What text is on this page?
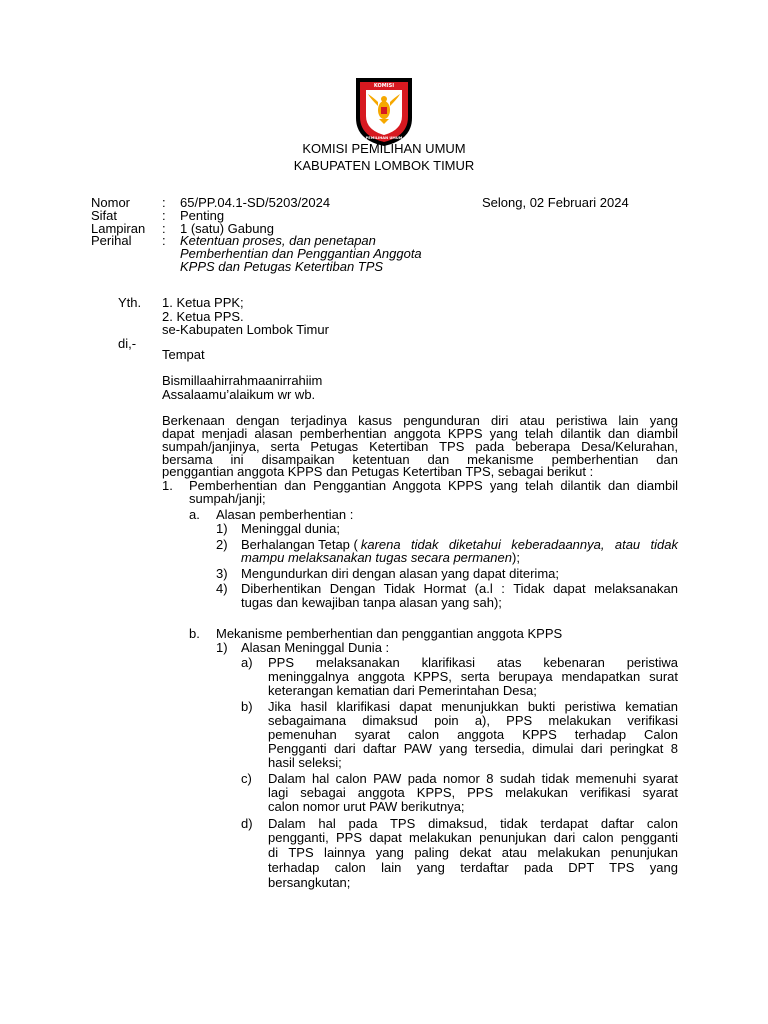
KOMISI
PEMILIHAN UMUM
KOMISI PEMILIHAN UMUM
KABUPATEN LOMBOK TIMUR
Nomor : 65/PP.04.1-SD/5203/2024	Selong, 02 Februari 2024
Sifat	: Penting
Lampiran : 1 (satu) Gabung
Perihal : Ketentuan proses, dan penetapan
Pemberhentian dan Penggantian Anggota
KPPS dan Petugas Ketertiban TPS
Yth. 1. Ketua PPK;
2. Ketua PPS.
se-Kabupaten Lombok Timur
di,-
Tempat
Bismillaahirrahmaanirrahiim
Assalaamu’alaikum wr wb.
Berkenaan dengan terjadinya kasus pengunduran diri atau peristiwa lain yang
dapat menjadi alasan pemberhentian anggota KPPS yang telah dilantik dan diambil
sumpah/janjinya, serta Petugas Ketertiban TPS pada beberapa Desa/Kelurahan,
bersama ini disampaikan ketentuan dan mekanisme pemberhentian dan
penggantian anggota KPPS dan Petugas Ketertiban TPS, sebagai berikut :
1. Pemberhentian dan Penggantian Anggota KPPS yang telah dilantik dan diambil
sumpah/janji;
a. Alasan pemberhentian :
1) Meninggal dunia;
2) Berhalangan Tetap ( karena tidak diketahui keberadaannya, atau tidak
mampu melaksanakan tugas secara permanen);
3) Mengundurkan diri dengan alasan yang dapat diterima;
4) Diberhentikan Dengan Tidak Hormat (a.l : Tidak dapat melaksanakan
tugas dan kewajiban tanpa alasan yang sah);
b. Mekanisme pemberhentian dan penggantian anggota KPPS
1) Alasan Meninggal Dunia :
a) PPS melaksanakan klarifikasi atas kebenaran peristiwa
meninggalnya anggota KPPS, serta berupaya mendapatkan surat
keterangan kematian dari Pemerintahan Desa;
b) Jika hasil klarifikasi dapat menunjukkan bukti peristiwa kematian
sebagaimana dimaksud poin a), PPS melakukan verifikasi
pemenuhan syarat calon anggota KPPS terhadap Calon
Pengganti dari daftar PAW yang tersedia, dimulai dari peringkat 8
hasil seleksi;
c) Dalam hal calon PAW pada nomor 8 sudah tidak memenuhi syarat
lagi sebagai anggota KPPS, PPS melakukan verifikasi syarat
calon nomor urut PAW berikutnya;
d) Dalam hal pada TPS dimaksud, tidak terdapat daftar calon
pengganti, PPS dapat melakukan penunjukan dari calon pengganti
di TPS lainnya yang paling dekat atau melakukan penunjukan
terhadap calon lain yang terdaftar pada DPT TPS yang
bersangkutan;
